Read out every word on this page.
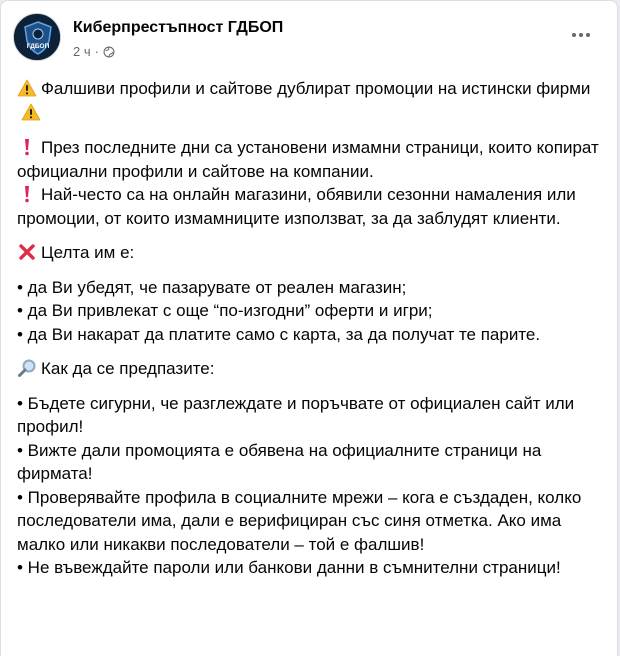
ГДБОП
Киберпрестъпност ГДБОП
2 ч ·

Фалшиви профили и сайтове дублират промоции на истински фирми

През последните дни са установени измамни страници, които копират официални профили и сайтове на компании.

Най-често са на онлайн магазини, обявили сезонни намаления или промоции, от които измамниците използват, за да заблудят клиенти.

Целта им е:

• да Ви убедят, че пазарувате от реален магазин;

• да Ви привлекат с още “по-изгодни” оферти и игри;

• да Ви накарат да платите само с карта, за да получат те парите.

Как да се предпазите:

• Бъдете сигурни, че разглеждате и поръчвате от официален сайт или профил!

• Вижте дали промоцията е обявена на официалните страници на фирмата!

• Проверявайте профила в социалните мрежи – кога е създаден, колко последователи има, дали е верифициран със синя отметка. Ако има малко или никакви последователи – той е фалшив!

• Не въвеждайте пароли или банкови данни в съмнителни страници!
